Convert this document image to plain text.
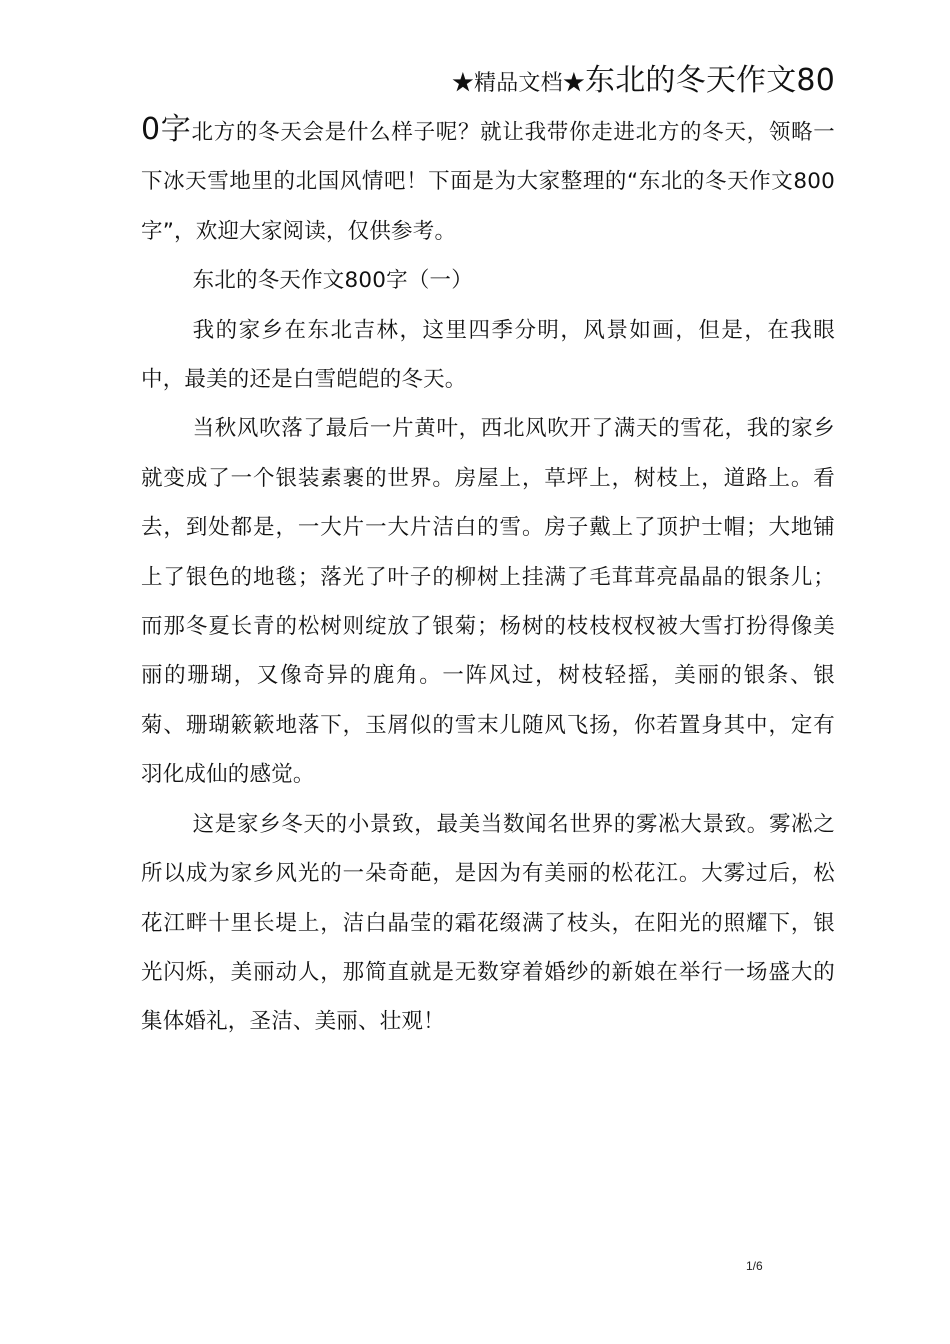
★精品文档★东北的冬天作文80

0字北方的冬天会是什么样子呢？就让我带你走进北方的冬天，领略一下冰天雪地里的北国风情吧！下面是为大家整理的“东北的冬天作文800字”，欢迎大家阅读，仅供参考。

东北的冬天作文800字（一）

我的家乡在东北吉林，这里四季分明，风景如画，但是，在我眼中，最美的还是白雪皑皑的冬天。

当秋风吹落了最后一片黄叶，西北风吹开了满天的雪花，我的家乡就变成了一个银装素裹的世界。房屋上，草坪上，树枝上，道路上。看去，到处都是，一大片一大片洁白的雪。房子戴上了顶护士帽；大地铺上了银色的地毯；落光了叶子的柳树上挂满了毛茸茸亮晶晶的银条儿；而那冬夏长青的松树则绽放了银菊；杨树的枝枝杈杈被大雪打扮得像美丽的珊瑚，又像奇异的鹿角。一阵风过，树枝轻摇，美丽的银条、银菊、珊瑚簌簌地落下，玉屑似的雪末儿随风飞扬，你若置身其中，定有羽化成仙的感觉。

这是家乡冬天的小景致，最美当数闻名世界的雾凇大景致。雾凇之所以成为家乡风光的一朵奇葩，是因为有美丽的松花江。大雾过后，松花江畔十里长堤上，洁白晶莹的霜花缀满了枝头，在阳光的照耀下，银光闪烁，美丽动人，那简直就是无数穿着婚纱的新娘在举行一场盛大的集体婚礼，圣洁、美丽、壮观！

1/6
